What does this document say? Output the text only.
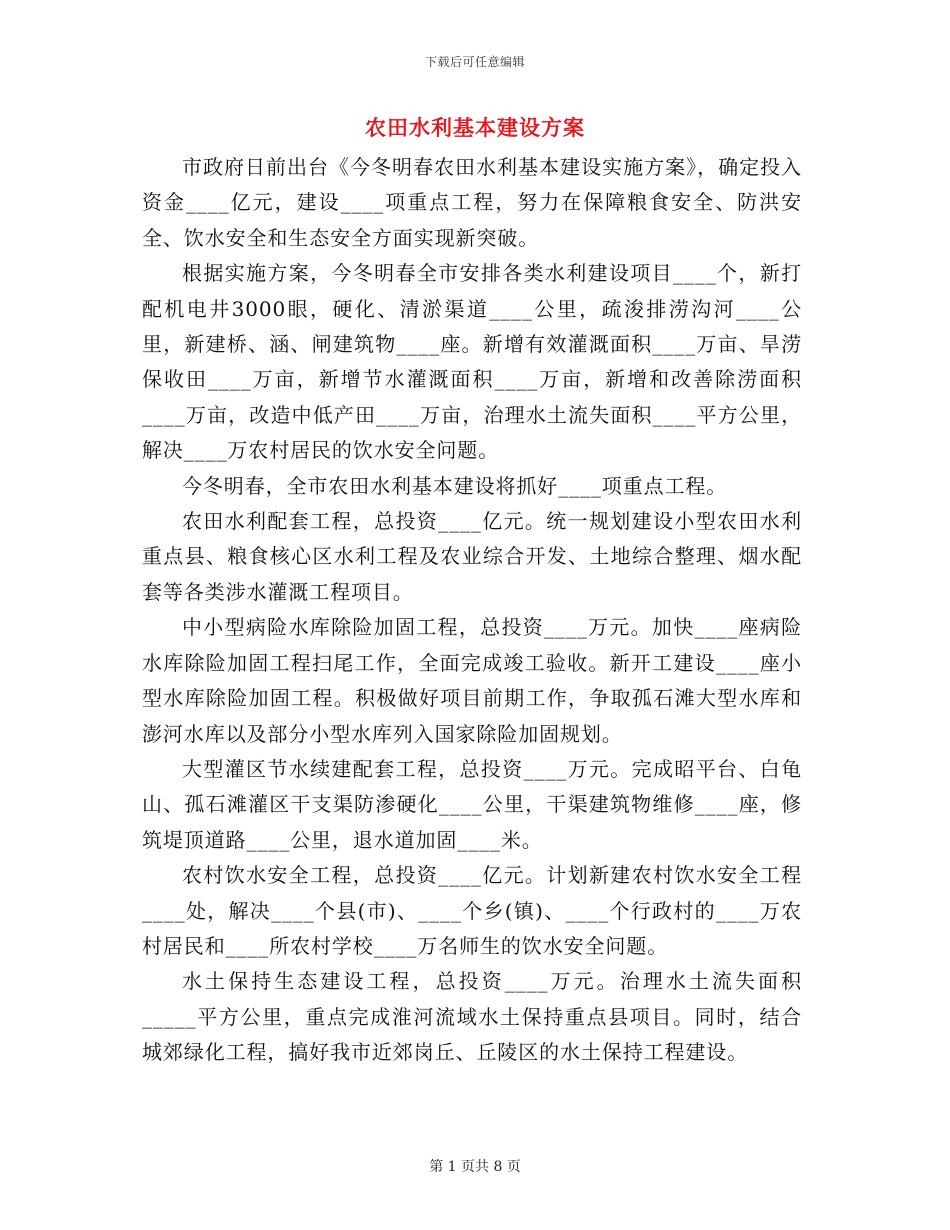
下载后可任意编辑
农田水利基本建设方案

市政府日前出台《今冬明春农田水利基本建设实施方案》，确定投入资金____亿元，建设____项重点工程，努力在保障粮食安全、防洪安全、饮水安全和生态安全方面实现新突破。

根据实施方案，今冬明春全市安排各类水利建设项目____个，新打配机电井3000眼，硬化、清淤渠道____公里，疏浚排涝沟河____公里，新建桥、涵、闸建筑物____座。新增有效灌溉面积____万亩、旱涝保收田____万亩，新增节水灌溉面积____万亩，新增和改善除涝面积____万亩，改造中低产田____万亩，治理水土流失面积____平方公里，解决____万农村居民的饮水安全问题。

今冬明春，全市农田水利基本建设将抓好____项重点工程。

农田水利配套工程，总投资____亿元。统一规划建设小型农田水利重点县、粮食核心区水利工程及农业综合开发、土地综合整理、烟水配套等各类涉水灌溉工程项目。

中小型病险水库除险加固工程，总投资____万元。加快____座病险水库除险加固工程扫尾工作，全面完成竣工验收。新开工建设____座小型水库除险加固工程。积极做好项目前期工作，争取孤石滩大型水库和澎河水库以及部分小型水库列入国家除险加固规划。

大型灌区节水续建配套工程，总投资____万元。完成昭平台、白龟山、孤石滩灌区干支渠防渗硬化____公里，干渠建筑物维修____座，修筑堤顶道路____公里，退水道加固____米。

农村饮水安全工程，总投资____亿元。计划新建农村饮水安全工程____处，解决____个县(市)、____个乡(镇)、____个行政村的____万农村居民和____所农村学校____万名师生的饮水安全问题。

水土保持生态建设工程，总投资____万元。治理水土流失面积_____平方公里，重点完成淮河流域水土保持重点县项目。同时，结合城郊绿化工程，搞好我市近郊岗丘、丘陵区的水土保持工程建设。

第 1 页共 8 页
